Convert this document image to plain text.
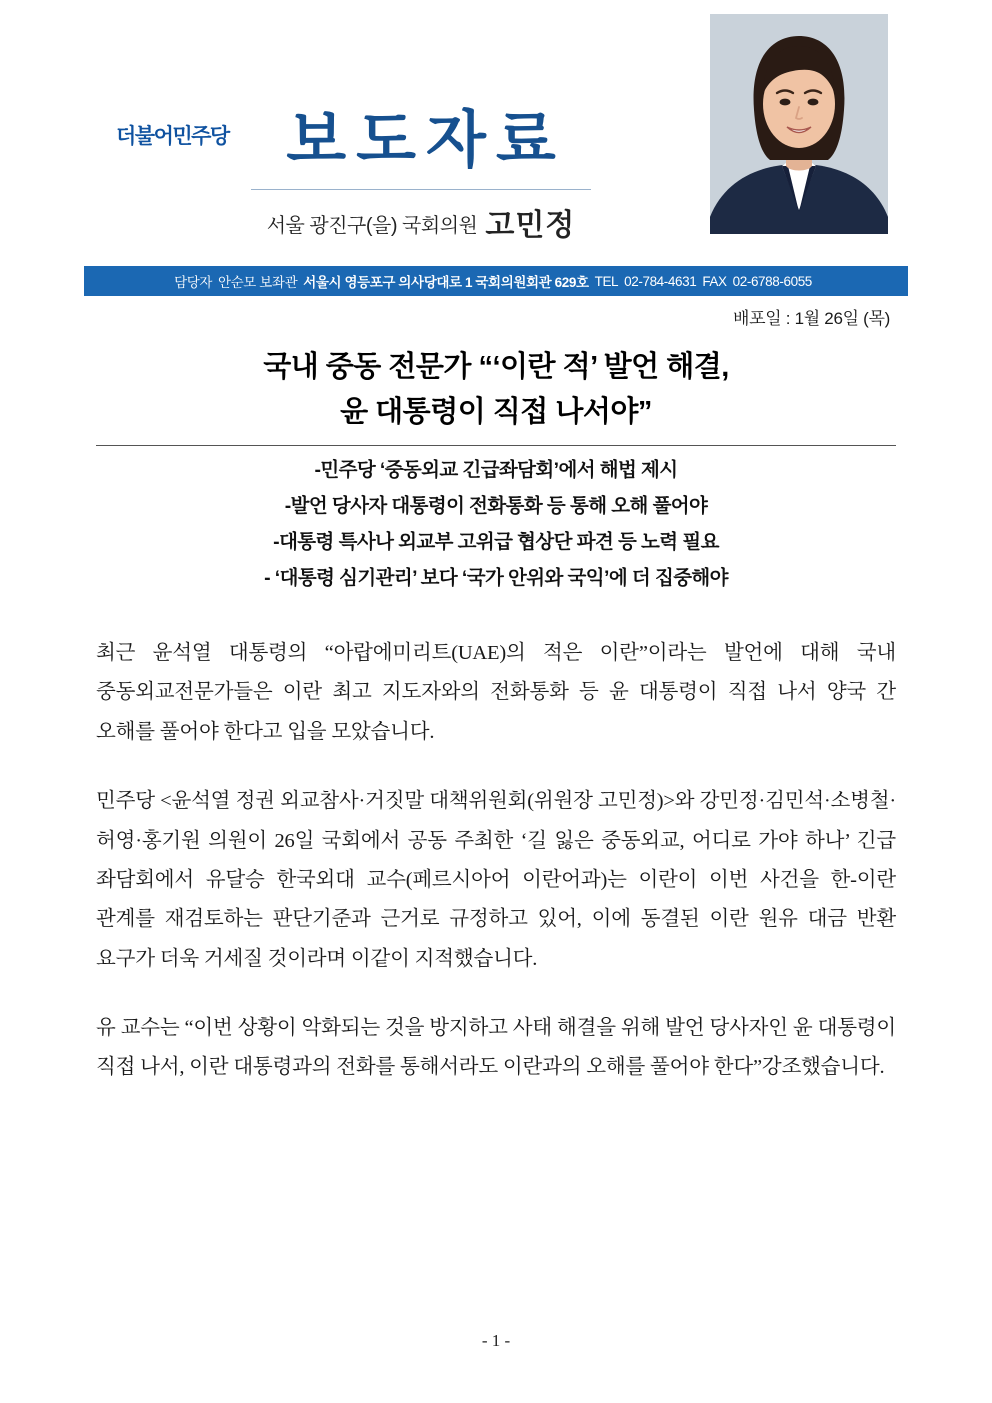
더불어민주당 보도자료
서울 광진구(을) 국회의원 고민정
담당자 안순모 보좌관 서울시 영등포구 의사당대로 1 국회의원회관 629호 TEL 02-784-4631 FAX 02-6788-6055
배포일 : 1월 26일 (목)
국내 중동 전문가 “‘이란 적’ 발언 해결,
윤 대통령이 직접 나서야”
-민주당 ‘중동외교 긴급좌담회’에서 해법 제시
-발언 당사자 대통령이 전화통화 등 통해 오해 풀어야
-대통령 특사나 외교부 고위급 협상단 파견 등 노력 필요
- ‘대통령 심기관리’ 보다 ‘국가 안위와 국익’에 더 집중해야

최근 윤석열 대통령의 “아랍에미리트(UAE)의 적은 이란”이라는 발언에 대해 국내 중동외교전문가들은 이란 최고 지도자와의 전화통화 등 윤 대통령이 직접 나서 양국 간 오해를 풀어야 한다고 입을 모았습니다.

민주당 <윤석열 정권 외교참사·거짓말 대책위원회(위원장 고민정)>와 강민정·김민석·소병철·허영·홍기원 의원이 26일 국회에서 공동 주최한 ‘길 잃은 중동외교, 어디로 가야 하나’ 긴급 좌담회에서 유달승 한국외대 교수(페르시아어 이란어과)는 이란이 이번 사건을 한-이란 관계를 재검토하는 판단기준과 근거로 규정하고 있어, 이에 동결된 이란 원유 대금 반환 요구가 더욱 거세질 것이라며 이같이 지적했습니다.

유 교수는 “이번 상황이 악화되는 것을 방지하고 사태 해결을 위해 발언 당사자인 윤 대통령이 직접 나서, 이란 대통령과의 전화를 통해서라도 이란과의 오해를 풀어야 한다”강조했습니다.

- 1 -
